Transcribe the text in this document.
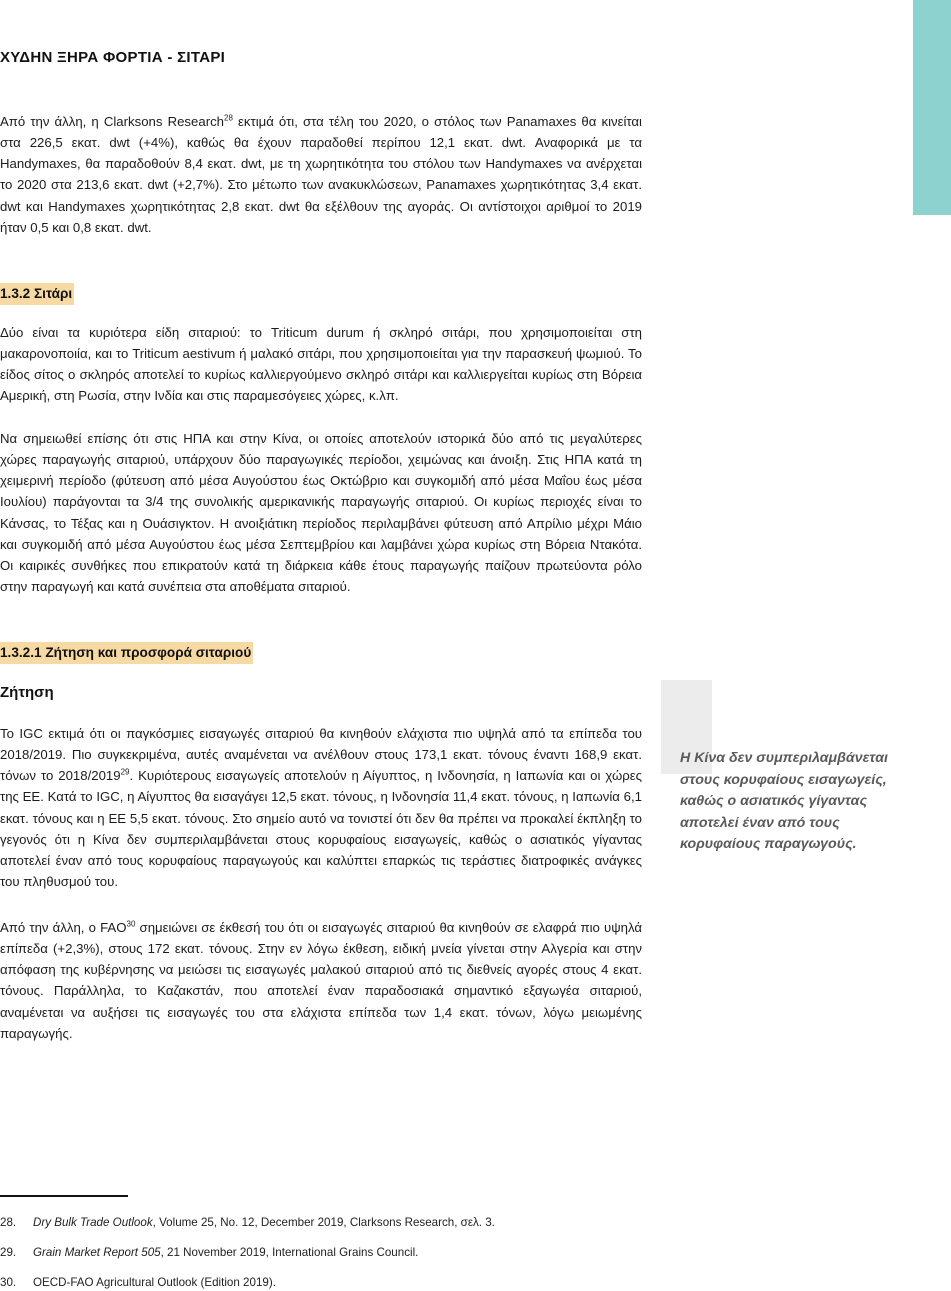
ΧΥΔΗΝ ΞΗΡΑ ΦΟΡΤΙΑ - ΣΙΤΑΡΙ

Από την άλλη, η Clarksons Research$^{28}$ εκτιμά ότι, στα τέλη του 2020, ο στόλος των Panamaxes θα κινείται στα 226,5 εκατ. dwt (+4%), καθώς θα έχουν παραδοθεί περίπου 12,1 εκατ. dwt. Αναφορικά με τα Handymaxes, θα παραδοθούν 8,4 εκατ. dwt, με τη χωρητικότητα του στόλου των Handymaxes να ανέρχεται το 2020 στα 213,6 εκατ. dwt (+2,7%). Στο μέτωπο των ανακυκλώσεων, Panamaxes χωρητικότητας 3,4 εκατ. dwt και Handymaxes χωρητικότητας 2,8 εκατ. dwt θα εξέλθουν της αγοράς. Οι αντίστοιχοι αριθμοί το 2019 ήταν 0,5 και 0,8 εκατ. dwt.

1.3.2 Σιτάρι

Δύο είναι τα κυριότερα είδη σιταριού: το Triticum durum ή σκληρό σιτάρι, που χρησιμοποιείται στη μακαρονοποιία, και το Triticum aestivum ή μαλακό σιτάρι, που χρησιμοποιείται για την παρασκευή ψωμιού. Το είδος σίτος ο σκληρός αποτελεί το κυρίως καλλιεργούμενο σκληρό σιτάρι και καλλιεργείται κυρίως στη Βόρεια Αμερική, στη Ρωσία, στην Ινδία και στις παραμεσόγειες χώρες, κ.λπ.

Να σημειωθεί επίσης ότι στις ΗΠΑ και στην Κίνα, οι οποίες αποτελούν ιστορικά δύο από τις μεγαλύτερες χώρες παραγωγής σιταριού, υπάρχουν δύο παραγωγικές περίοδοι, χειμώνας και άνοιξη. Στις ΗΠΑ κατά τη χειμερινή περίοδο (φύτευση από μέσα Αυγούστου έως Οκτώβριο και συγκομιδή από μέσα Μαΐου έως μέσα Ιουλίου) παράγονται τα 3/4 της συνολικής αμερικανικής παραγωγής σιταριού. Οι κυρίως περιοχές είναι το Κάνσας, το Τέξας και η Ουάσιγκτον. Η ανοιξιάτικη περίοδος περιλαμβάνει φύτευση από Απρίλιο μέχρι Μάιο και συγκομιδή από μέσα Αυγούστου έως μέσα Σεπτεμβρίου και λαμβάνει χώρα κυρίως στη Βόρεια Ντακότα. Οι καιρικές συνθήκες που επικρατούν κατά τη διάρκεια κάθε έτους παραγωγής παίζουν πρωτεύοντα ρόλο στην παραγωγή και κατά συνέπεια στα αποθέματα σιταριού.

1.3.2.1 Ζήτηση και προσφορά σιταριού
Ζήτηση

Το IGC εκτιμά ότι οι παγκόσμιες εισαγωγές σιταριού θα κινηθούν ελάχιστα πιο υψηλά από τα επίπεδα του 2018/2019. Πιο συγκεκριμένα, αυτές αναμένεται να ανέλθουν στους 173,1 εκατ. τόνους έναντι 168,9 εκατ. τόνων το 2018/2019$^{29}$. Κυριότερους εισαγωγείς αποτελούν η Αίγυπτος, η Ινδονησία, η Ιαπωνία και οι χώρες της ΕΕ. Κατά το IGC, η Αίγυπτος θα εισαγάγει 12,5 εκατ. τόνους, η Ινδονησία 11,4 εκατ. τόνους, η Ιαπωνία 6,1 εκατ. τόνους και η ΕΕ 5,5 εκατ. τόνους. Στο σημείο αυτό να τονιστεί ότι δεν θα πρέπει να προκαλεί έκπληξη το γεγονός ότι η Κίνα δεν συμπεριλαμβάνεται στους κορυφαίους εισαγωγείς, καθώς ο ασιατικός γίγαντας αποτελεί έναν από τους κορυφαίους παραγωγούς και καλύπτει επαρκώς τις τεράστιες διατροφικές ανάγκες του πληθυσμού του.

Από την άλλη, ο FAO$^{30}$ σημειώνει σε έκθεσή του ότι οι εισαγωγές σιταριού θα κινηθούν σε ελαφρά πιο υψηλά επίπεδα (+2,3%), στους 172 εκατ. τόνους. Στην εν λόγω έκθεση, ειδική μνεία γίνεται στην Αλγερία και στην απόφαση της κυβέρνησης να μειώσει τις εισαγωγές μαλακού σιταριού από τις διεθνείς αγορές στους 4 εκατ. τόνους. Παράλληλα, το Καζακστάν, που αποτελεί έναν παραδοσιακά σημαντικό εξαγωγέα σιταριού, αναμένεται να αυξήσει τις εισαγωγές του στα ελάχιστα επίπεδα των 1,4 εκατ. τόνων, λόγω μειωμένης παραγωγής.

Η Κίνα δεν συμπεριλαμβάνεται στους κορυφαίους εισαγωγείς, καθώς ο ασιατικός γίγαντας αποτελεί έναν από τους κορυφαίους παραγωγούς.
28. Dry Bulk Trade Outlook, Volume 25, No. 12, December 2019, Clarksons Research, σελ. 3.
29. Grain Market Report 505, 21 November 2019, International Grains Council.
30. OECD-FAO Agricultural Outlook (Edition 2019).
